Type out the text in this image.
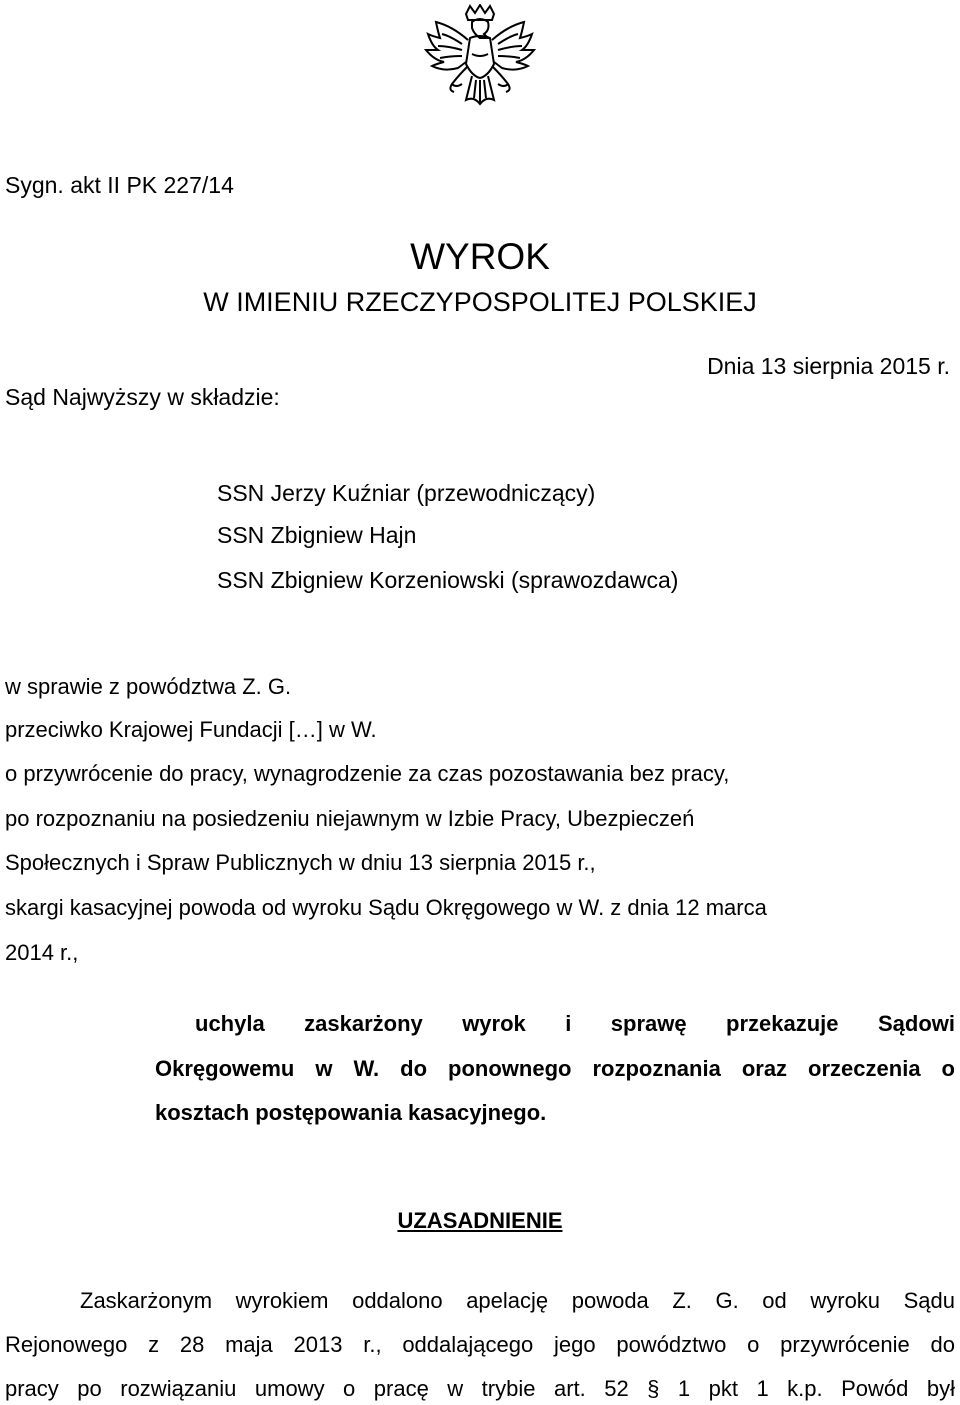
Sygn. akt II PK 227/14

WYROK

W IMIENIU RZECZYPOSPOLITEJ POLSKIEJ

Dnia 13 sierpnia 2015 r.

Sąd Najwyższy w składzie:

SSN Jerzy Kuźniar (przewodniczący)

SSN Zbigniew Hajn

SSN Zbigniew Korzeniowski (sprawozdawca)

w sprawie z powództwa Z. G.

przeciwko Krajowej Fundacji […] w W.

o przywrócenie do pracy, wynagrodzenie za czas pozostawania bez pracy,

po rozpoznaniu na posiedzeniu niejawnym w Izbie Pracy, Ubezpieczeń

Społecznych i Spraw Publicznych w dniu 13 sierpnia 2015 r.,

skargi kasacyjnej powoda od wyroku Sądu Okręgowego w W. z dnia 12 marca

2014 r.,

uchyla zaskarżony wyrok i sprawę przekazuje Sądowi

Okręgowemu w W. do ponownego rozpoznania oraz orzeczenia o

kosztach postępowania kasacyjnego.

UZASADNIENIE

Zaskarżonym wyrokiem oddalono apelację powoda Z. G. od wyroku Sądu

Rejonowego z 28 maja 2013 r., oddalającego jego powództwo o przywrócenie do

pracy po rozwiązaniu umowy o pracę w trybie art. 52 § 1 pkt 1 k.p. Powód był
